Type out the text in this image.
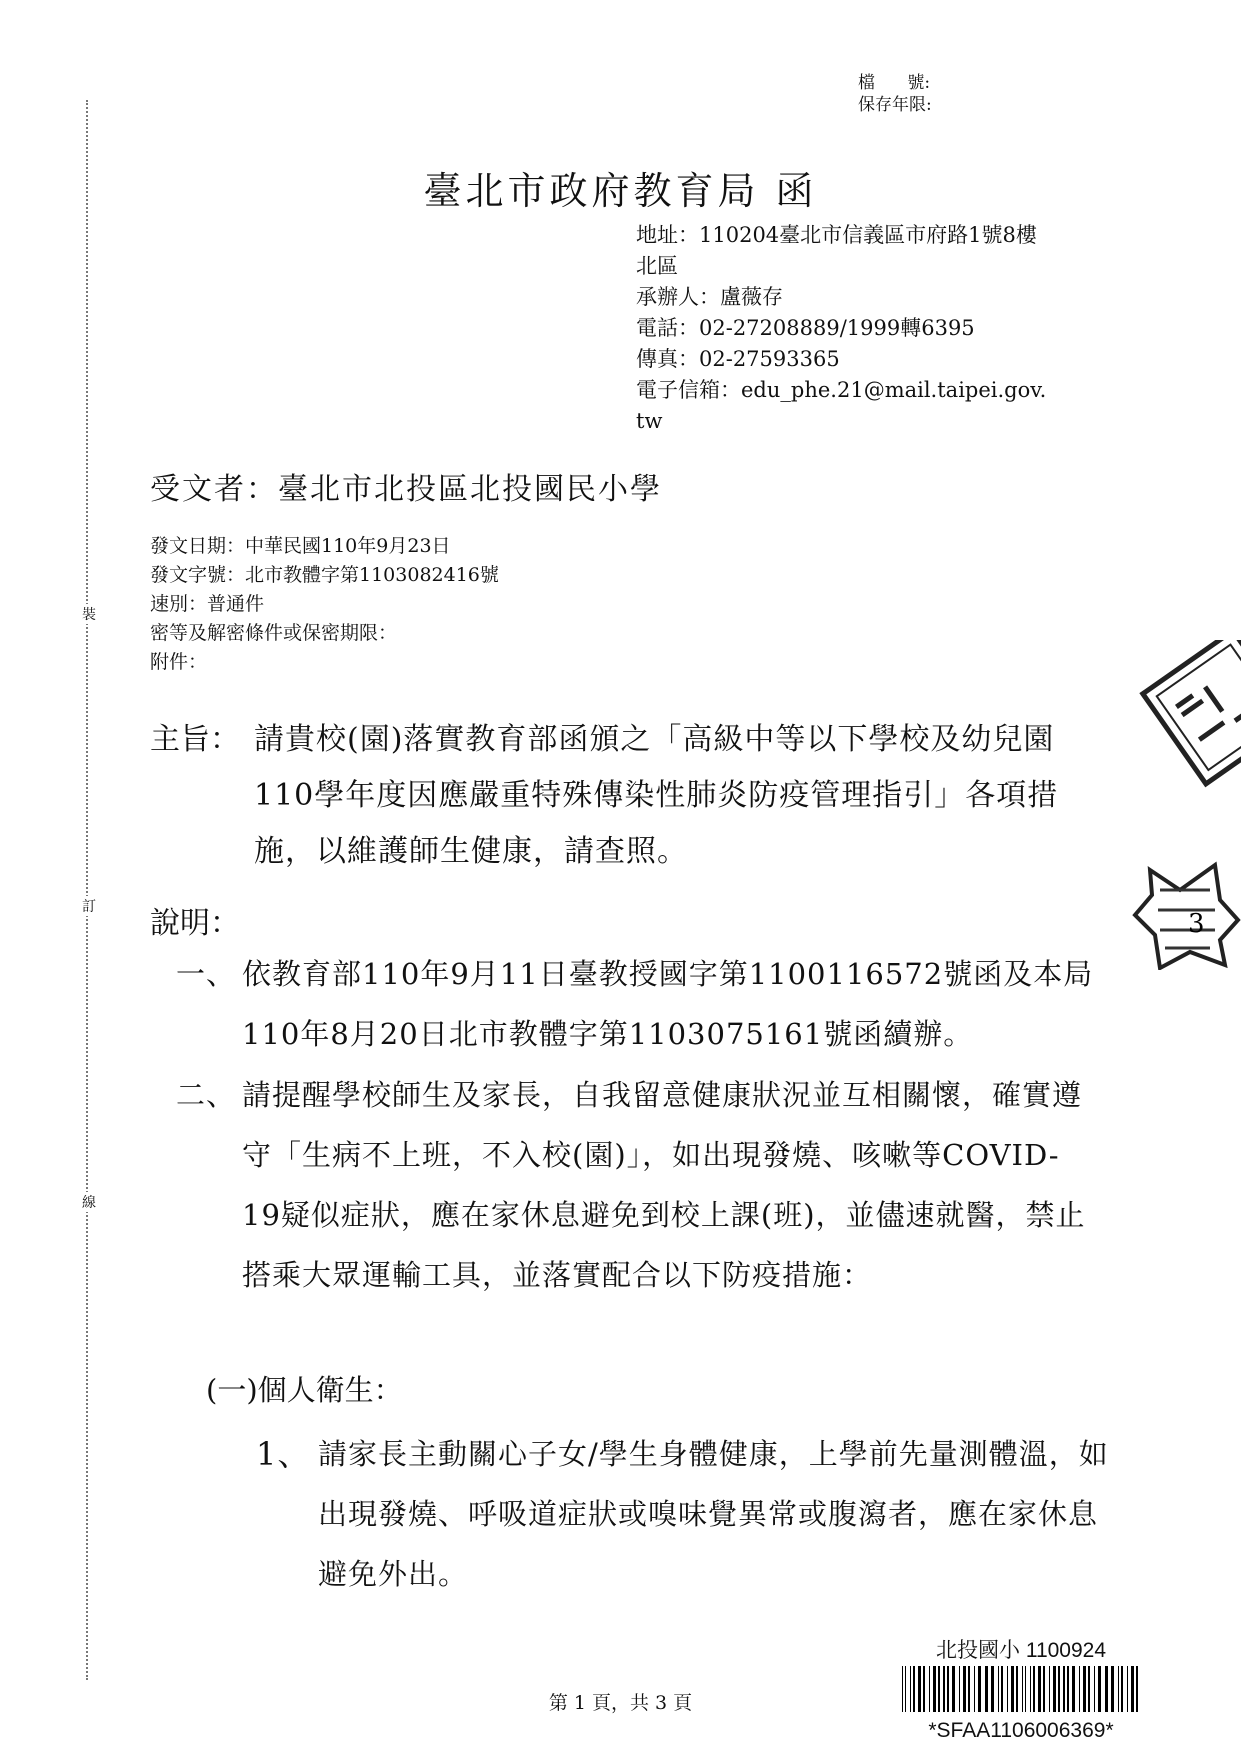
裝
訂
線
檔      號:
保存年限:
臺北市政府教育局 函
地址：110204臺北市信義區市府路1號8樓
北區
承辦人：盧薇存
電話：02-27208889/1999轉6395
傳真：02-27593365
電子信箱：edu_phe.21@mail.taipei.gov.
tw
受文者：臺北市北投區北投國民小學
發文日期：中華民國110年9月23日
發文字號：北市教體字第1103082416號
速別：普通件
密等及解密條件或保密期限：
附件：
主旨： 請貴校(園)落實教育部函頒之「高級中等以下學校及幼兒園110學年度因應嚴重特殊傳染性肺炎防疫管理指引」各項措施，以維護師生健康，請查照。
說明：
一、 依教育部110年9月11日臺教授國字第1100116572號函及本局110年8月20日北市教體字第1103075161號函續辦。
二、 請提醒學校師生及家長，自我留意健康狀況並互相關懷，確實遵守「生病不上班，不入校(園)」，如出現發燒、咳嗽等COVID-19疑似症狀，應在家休息避免到校上課(班)，並儘速就醫，禁止搭乘大眾運輸工具，並落實配合以下防疫措施：
(一)個人衛生：
1、 請家長主動關心子女/學生身體健康，上學前先量測體溫，如出現發燒、呼吸道症狀或嗅味覺異常或腹瀉者，應在家休息避免外出。
第 1 頁，共 3 頁
北投國小 1100924
*SFAA1106006369*
3
